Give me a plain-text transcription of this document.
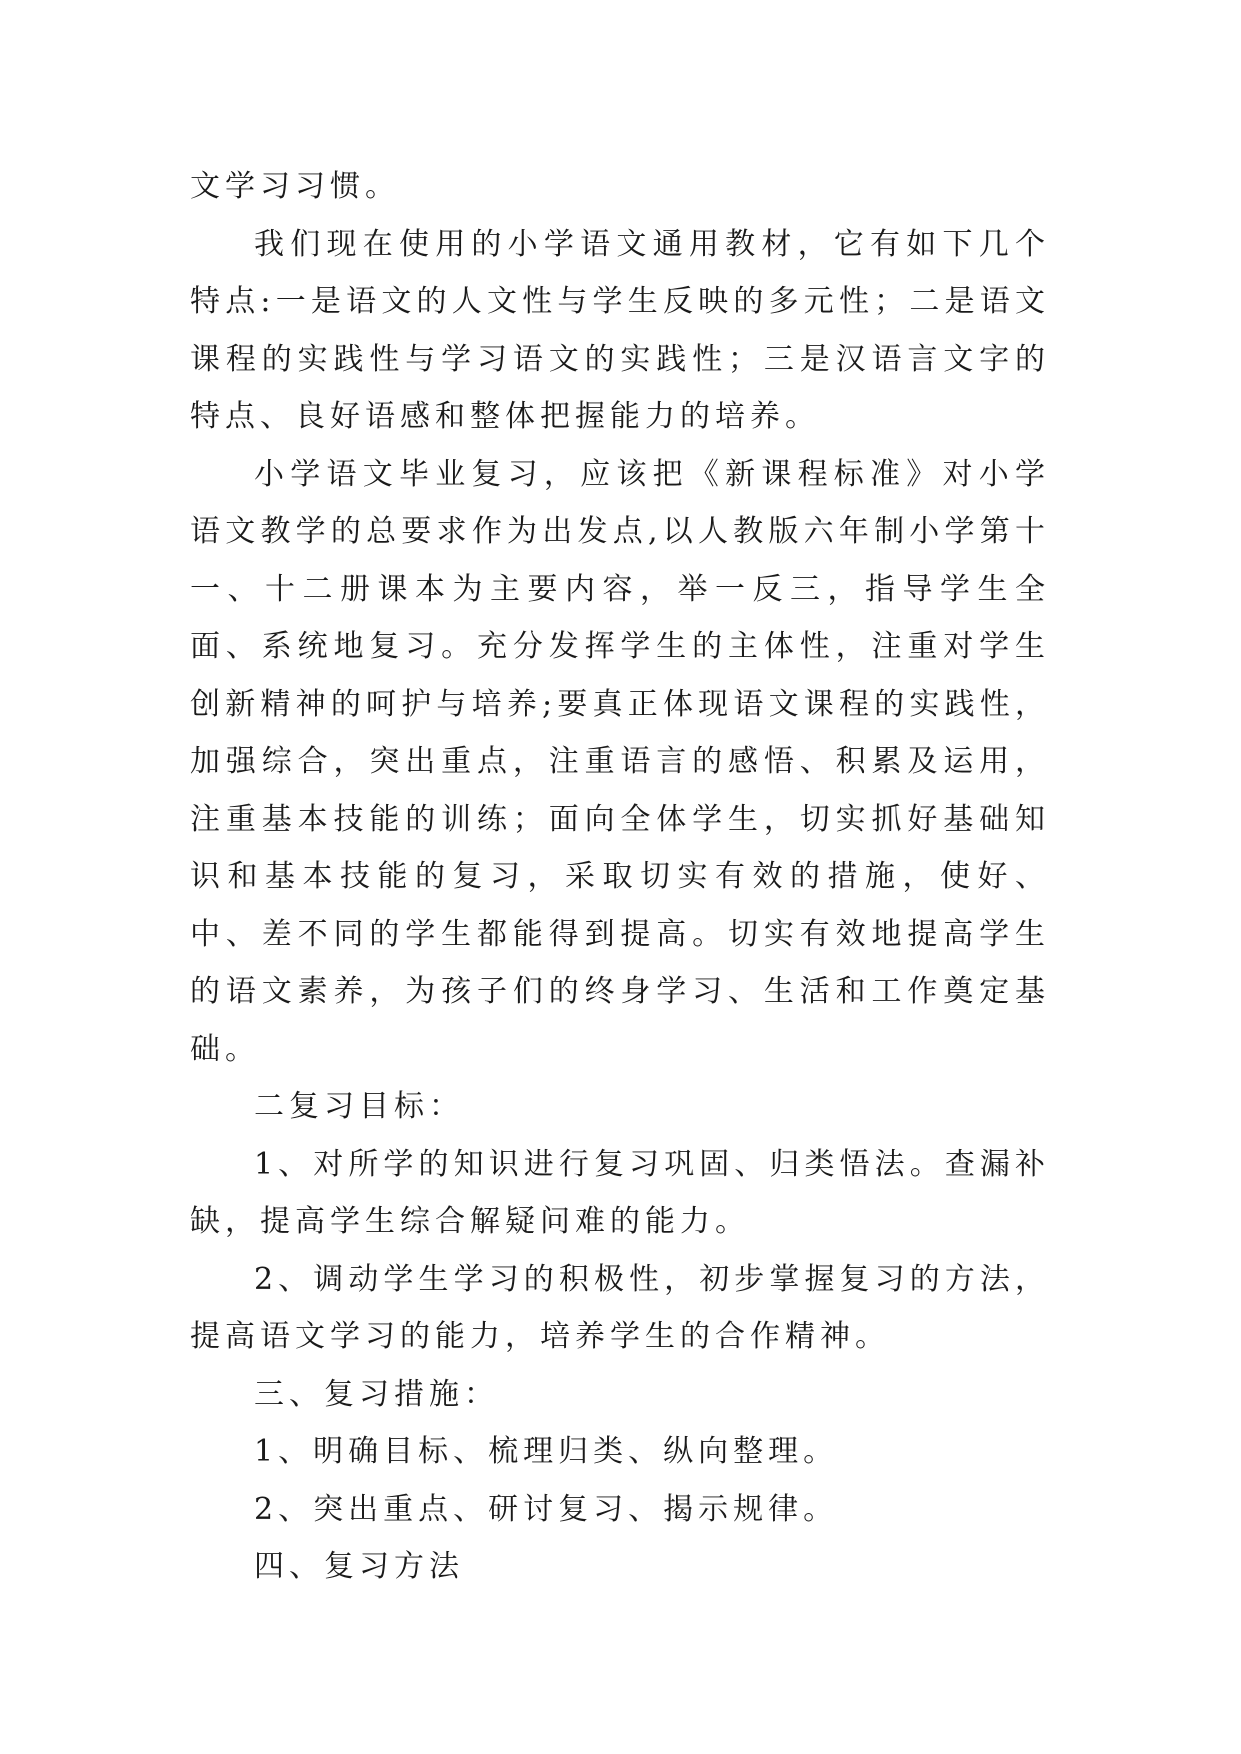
文学习习惯。

我们现在使用的小学语文通用教材，它有如下几个特点:一是语文的人文性与学生反映的多元性；二是语文课程的实践性与学习语文的实践性；三是汉语言文字的特点、良好语感和整体把握能力的培养。

小学语文毕业复习，应该把《新课程标准》对小学语文教学的总要求作为出发点,以人教版六年制小学第十一、十二册课本为主要内容，举一反三，指导学生全面、系统地复习。充分发挥学生的主体性，注重对学生创新精神的呵护与培养;要真正体现语文课程的实践性，加强综合，突出重点，注重语言的感悟、积累及运用，注重基本技能的训练；面向全体学生，切实抓好基础知识和基本技能的复习，采取切实有效的措施，使好、中、差不同的学生都能得到提高。切实有效地提高学生的语文素养，为孩子们的终身学习、生活和工作奠定基础。

二复习目标：

1、对所学的知识进行复习巩固、归类悟法。查漏补缺，提高学生综合解疑问难的能力。

2、调动学生学习的积极性，初步掌握复习的方法，提高语文学习的能力，培养学生的合作精神。

三、复习措施：

1、明确目标、梳理归类、纵向整理。

2、突出重点、研讨复习、揭示规律。

四、复习方法
